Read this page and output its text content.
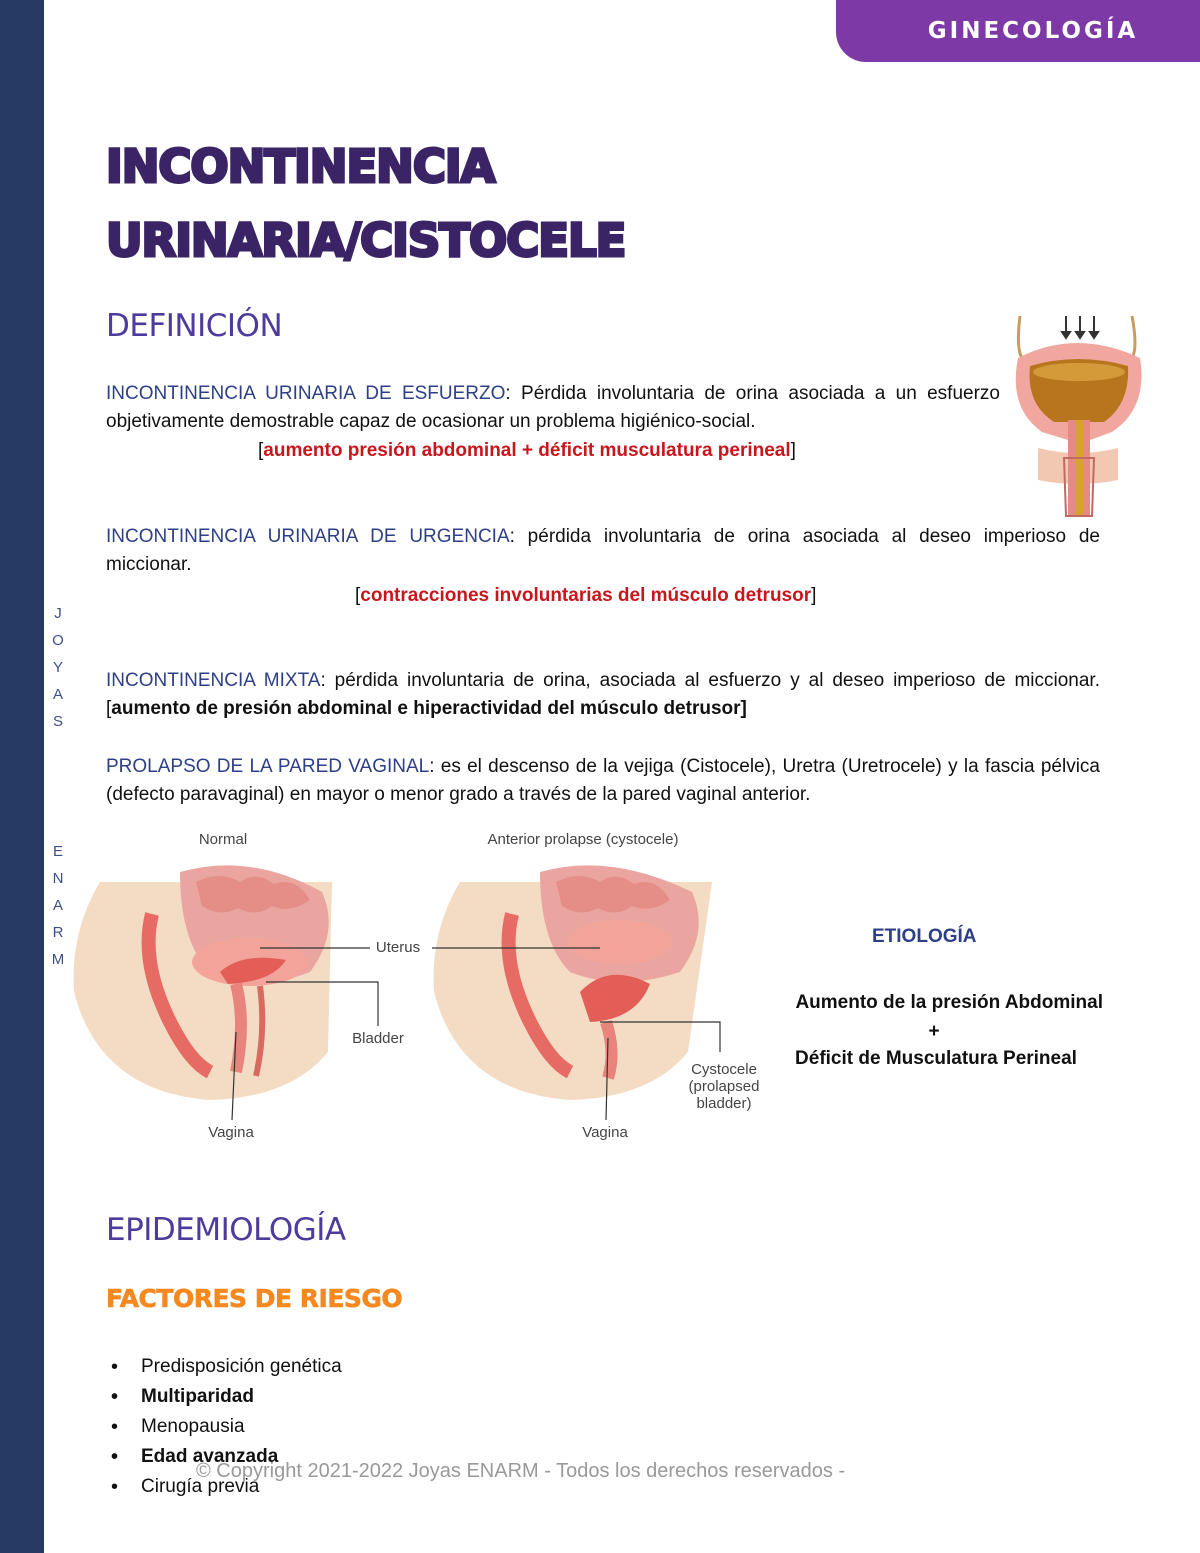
J
O
Y
A
S
E
N
A
R
M
GINECOLOGÍA
INCONTINENCIA
URINARIA/CISTOCELE
DEFINICIÓN
INCONTINENCIA URINARIA DE ESFUERZO: Pérdida involuntaria de orina asociada a un esfuerzo objetivamente demostrable capaz de ocasionar un problema higiénico-social.
[aumento presión abdominal + déficit musculatura perineal]
INCONTINENCIA URINARIA DE URGENCIA: pérdida involuntaria de orina asociada al deseo imperioso de miccionar.
[contracciones involuntarias del músculo detrusor]
INCONTINENCIA MIXTA: pérdida involuntaria de orina, asociada al esfuerzo y al deseo imperioso de miccionar. [aumento de presión abdominal e hiperactividad del músculo detrusor]
PROLAPSO DE LA PARED VAGINAL: es el descenso de la vejiga (Cistocele), Uretra (Uretrocele) y la fascia pélvica (defecto paravaginal) en mayor o menor grado a través de la pared vaginal anterior.
Normal	Anterior prolapse (cystocele)
Uterus
Bladder
Vagina	Vagina
Cystocele
(prolapsed
bladder)
ETIOLOGÍA
Aumento de la presión Abdominal
+
Déficit de Musculatura Perineal
EPIDEMIOLOGÍA
FACTORES DE RIESGO
• Predisposición genética
• Multiparidad
• Menopausia
• Edad avanzada
• Cirugía previa
© Copyright 2021-2022 Joyas ENARM - Todos los derechos reservados -
